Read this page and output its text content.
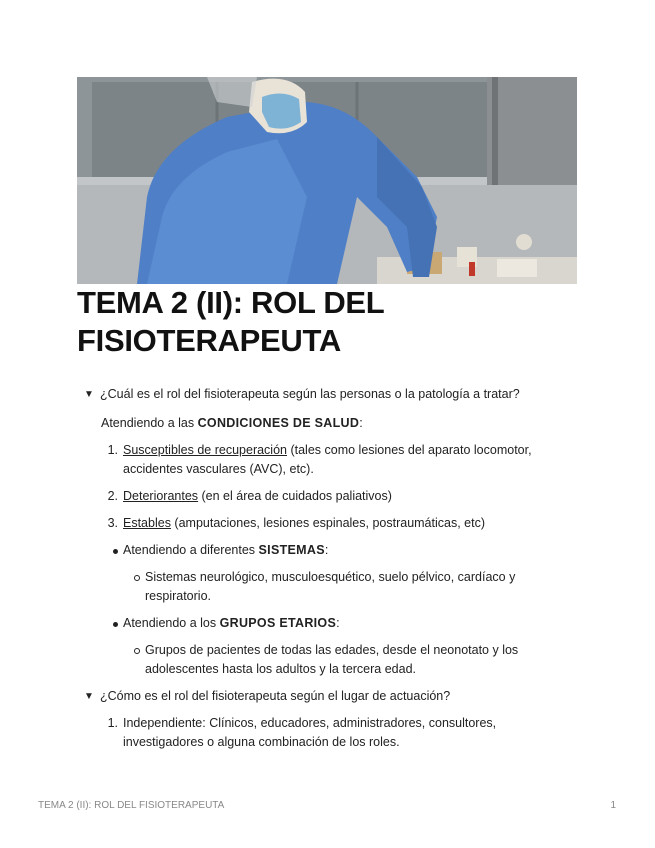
TEMA 2 (II): ROL DEL FISIOTERAPEUTA
▼ ¿Cuál es el rol del fisioterapeuta según las personas o la patología a tratar?
Atendiendo a las CONDICIONES DE SALUD:
1. Susceptibles de recuperación (tales como lesiones del aparato locomotor, accidentes vasculares (AVC), etc).
2. Deteriorantes (en el área de cuidados paliativos)
3. Estables (amputaciones, lesiones espinales, postraumáticas, etc)
Atendiendo a diferentes SISTEMAS:
Sistemas neurológico, musculoesquético, suelo pélvico, cardíaco y respiratorio.
Atendiendo a los GRUPOS ETARIOS:
Grupos de pacientes de todas las edades, desde el neonotato y los adolescentes hasta los adultos y la tercera edad.
▼ ¿Cómo es el rol del fisioterapeuta según el lugar de actuación?
1. Independiente: Clínicos, educadores, administradores, consultores, investigadores o alguna combinación de los roles.
TEMA 2 (II): ROL DEL FISIOTERAPEUTA	1
